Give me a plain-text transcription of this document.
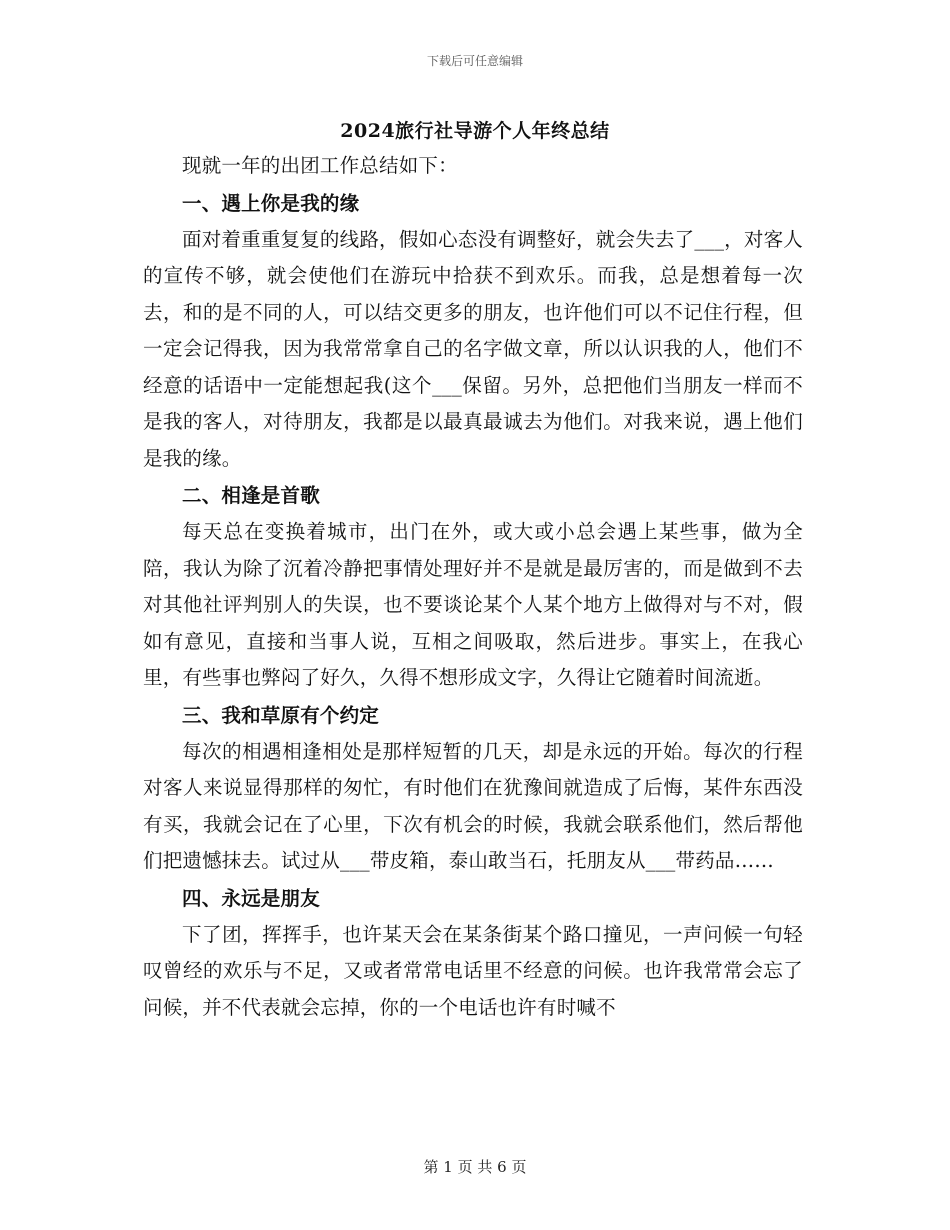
下载后可任意编辑
2024旅行社导游个人年终总结

现就一年的出团工作总结如下：

一、遇上你是我的缘

面对着重重复复的线路，假如心态没有调整好，就会失去了___，对客人的宣传不够，就会使他们在游玩中拾获不到欢乐。而我，总是想着每一次去，和的是不同的人，可以结交更多的朋友，也许他们可以不记住行程，但一定会记得我，因为我常常拿自己的名字做文章，所以认识我的人，他们不经意的话语中一定能想起我(这个___保留。另外，总把他们当朋友一样而不是我的客人，对待朋友，我都是以最真最诚去为他们。对我来说，遇上他们是我的缘。

二、相逢是首歌

每天总在变换着城市，出门在外，或大或小总会遇上某些事，做为全陪，我认为除了沉着冷静把事情处理好并不是就是最厉害的，而是做到不去对其他社评判别人的失误，也不要谈论某个人某个地方上做得对与不对，假如有意见，直接和当事人说，互相之间吸取，然后进步。事实上，在我心里，有些事也弊闷了好久，久得不想形成文字，久得让它随着时间流逝。

三、我和草原有个约定

每次的相遇相逢相处是那样短暂的几天，却是永远的开始。每次的行程对客人来说显得那样的匆忙，有时他们在犹豫间就造成了后悔，某件东西没有买，我就会记在了心里，下次有机会的时候，我就会联系他们，然后帮他们把遗憾抹去。试过从___带皮箱，泰山敢当石，托朋友从___带药品……

四、永远是朋友

下了团，挥挥手，也许某天会在某条街某个路口撞见，一声问候一句轻叹曾经的欢乐与不足，又或者常常电话里不经意的问候。也许我常常会忘了问候，并不代表就会忘掉，你的一个电话也许有时喊不

第 1 页 共 6 页
